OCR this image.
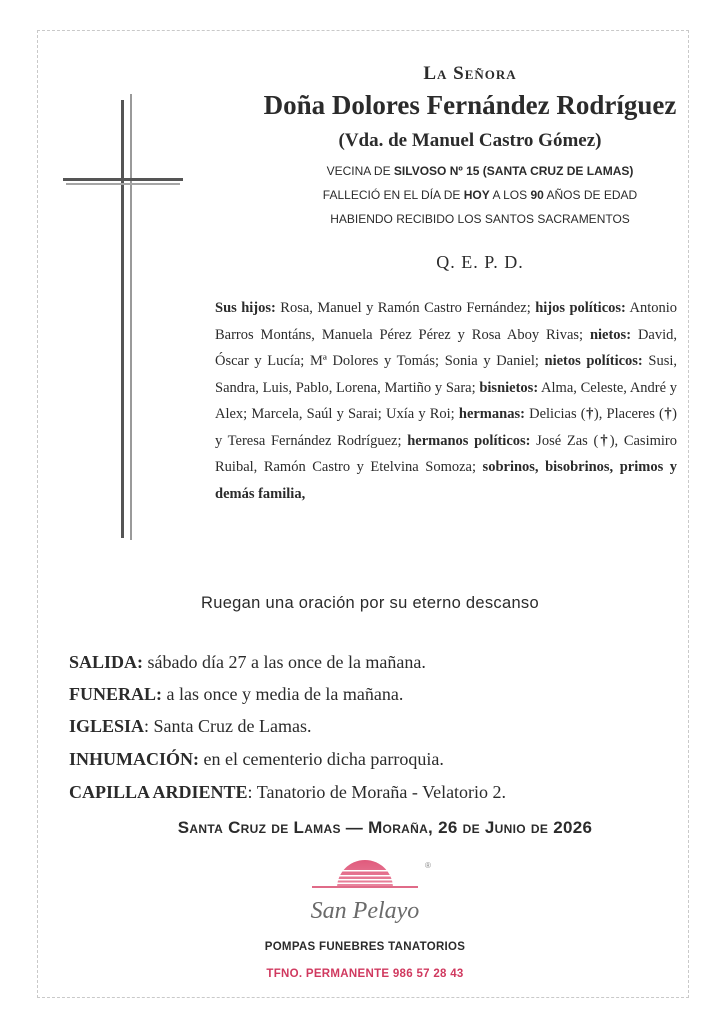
La Señora
Doña Dolores Fernández Rodríguez
(Vda. de Manuel Castro Gómez)
VECINA DE SILVOSO Nº 15 (SANTA CRUZ DE LAMAS)
FALLECIÓ EN EL DÍA DE HOY A LOS 90 AÑOS DE EDAD
HABIENDO RECIBIDO LOS SANTOS SACRAMENTOS
Q. E. P. D.
Sus hijos: Rosa, Manuel y Ramón Castro Fernández; hijos políticos: Antonio Barros Montáns, Manuela Pérez Pérez y Rosa Aboy Rivas; nietos: David, Óscar y Lucía; Mª Dolores y Tomás; Sonia y Daniel; nietos políticos: Susi, Sandra, Luis, Pablo, Lorena, Martiño y Sara; bisnietos: Alma, Celeste, André y Alex; Marcela, Saúl y Sarai; Uxía y Roi; hermanas: Delicias (†), Placeres (†) y Teresa Fernández Rodríguez; hermanos políticos: José Zas (†), Casimiro Ruibal, Ramón Castro y Etelvina Somoza; sobrinos, bisobrinos, primos y demás familia,
Ruegan una oración por su eterno descanso
SALIDA: sábado día 27 a las once de la mañana.
FUNERAL: a las once y media de la mañana.
IGLESIA: Santa Cruz de Lamas.
INHUMACIÓN: en el cementerio dicha parroquia.
CAPILLA ARDIENTE: Tanatorio de Moraña - Velatorio 2.
Santa Cruz de Lamas — Moraña, 26 de Junio de 2026
San Pelayo
®
POMPAS FUNEBRES TANATORIOS
TFNO. PERMANENTE 986 57 28 43
